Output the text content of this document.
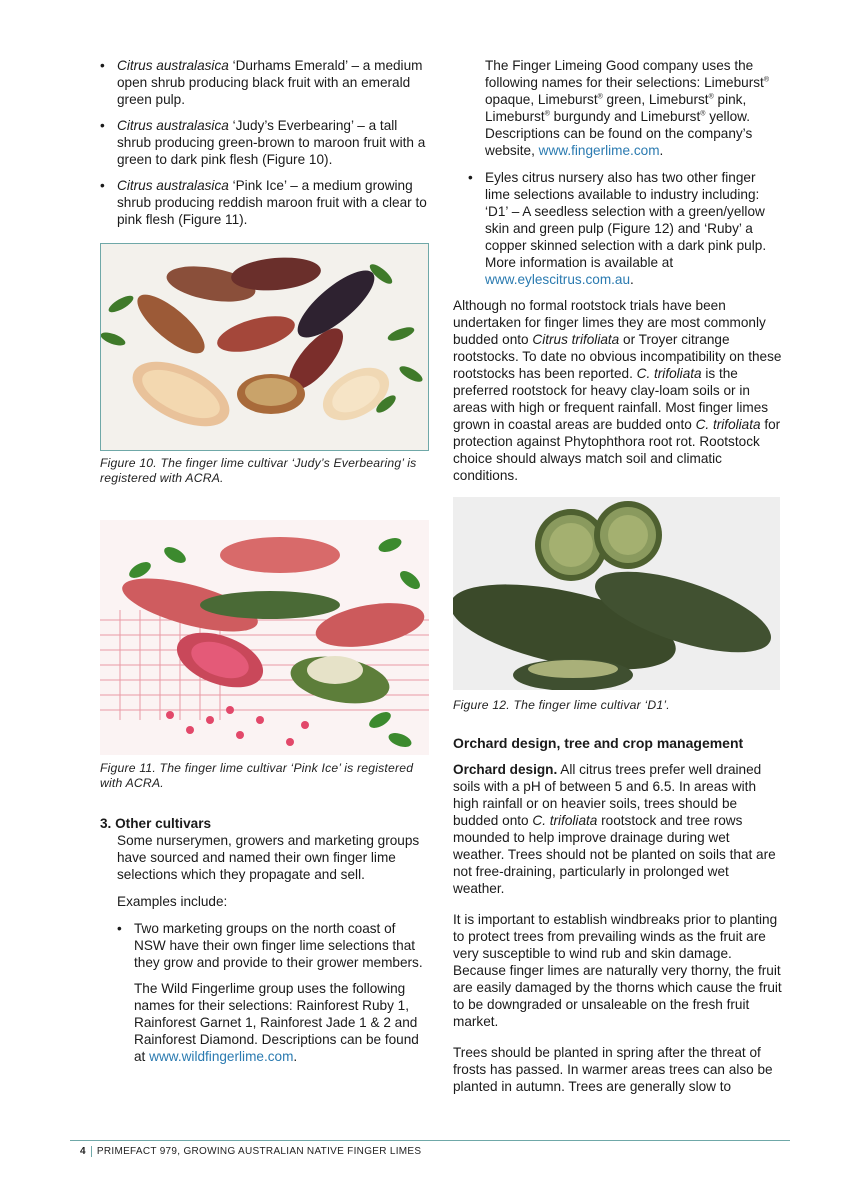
• Citrus australasica ‘Durhams Emerald’ – a medium open shrub producing black fruit with an emerald green pulp.
• Citrus australasica ‘Judy’s Everbearing’ – a tall shrub producing green-brown to maroon fruit with a green to dark pink flesh (Figure 10).
• Citrus australasica ‘Pink Ice’ – a medium growing shrub producing reddish maroon fruit with a clear to pink flesh (Figure 11).
Figure 10. The finger lime cultivar ‘Judy’s Everbearing’ is registered with ACRA.
Figure 11. The finger lime cultivar ‘Pink Ice’ is registered with ACRA.
3. Other cultivars

Some nurserymen, growers and marketing groups have sourced and named their own finger lime selections which they propagate and sell.

Examples include:

• Two marketing groups on the north coast of NSW have their own finger lime selections that they grow and provide to their grower members.

The Wild Fingerlime group uses the following names for their selections: Rainforest Ruby 1, Rainforest Garnet 1, Rainforest Jade 1 & 2 and Rainforest Diamond. Descriptions can be found at www.wildfingerlime.com.

The Finger Limeing Good company uses the following names for their selections: Limeburst® opaque, Limeburst® green, Limeburst® pink, Limeburst® burgundy and Limeburst® yellow. Descriptions can be found on the company’s website, www.fingerlime.com.

• Eyles citrus nursery also has two other finger lime selections available to industry including: ‘D1’ – A seedless selection with a green/yellow skin and green pulp (Figure 12) and ‘Ruby’ a copper skinned selection with a dark pink pulp. More information is available at www.eylescitrus.com.au.

Although no formal rootstock trials have been undertaken for finger limes they are most commonly budded onto Citrus trifoliata or Troyer citrange rootstocks. To date no obvious incompatibility on these rootstocks has been reported. C. trifoliata is the preferred rootstock for heavy clay-loam soils or in areas with high or frequent rainfall. Most finger limes grown in coastal areas are budded onto C. trifoliata for protection against Phytophthora root rot. Rootstock choice should always match soil and climatic conditions.

Figure 12. The finger lime cultivar ‘D1’.
Orchard design, tree and crop management

Orchard design. All citrus trees prefer well drained soils with a pH of between 5 and 6.5. In areas with high rainfall or on heavier soils, trees should be budded onto C. trifoliata rootstock and tree rows mounded to help improve drainage during wet weather. Trees should not be planted on soils that are not free-draining, particularly in prolonged wet weather.

It is important to establish windbreaks prior to planting to protect trees from prevailing winds as the fruit are very susceptible to wind rub and skin damage. Because finger limes are naturally very thorny, the fruit are easily damaged by the thorns which cause the fruit to be downgraded or unsaleable on the fresh fruit market.

Trees should be planted in spring after the threat of frosts has passed. In warmer areas trees can also be planted in autumn. Trees are generally slow to

4 PRIMEFACT 979, GROWING AUSTRALIAN NATIVE FINGER LIMES
